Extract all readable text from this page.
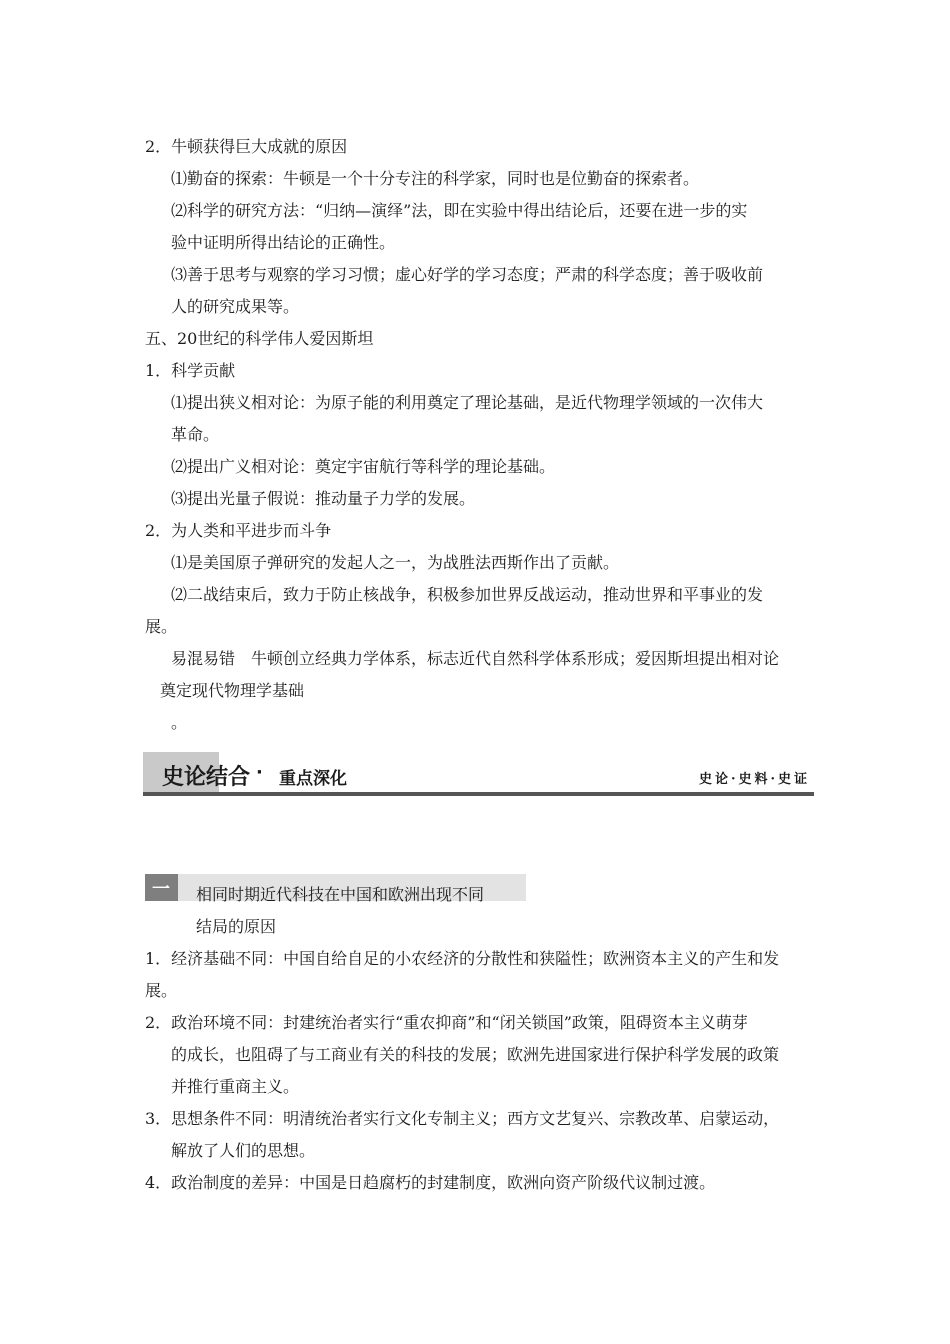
2．牛顿获得巨大成就的原因
⑴勤奋的探索：牛顿是一个十分专注的科学家，同时也是位勤奋的探索者。
⑵科学的研究方法：“归纳—演绎”法，即在实验中得出结论后，还要在进一步的实
验中证明所得出结论的正确性。
⑶善于思考与观察的学习习惯；虚心好学的学习态度；严肃的科学态度；善于吸收前
人的研究成果等。
五、20世纪的科学伟人爱因斯坦
1．科学贡献
⑴提出狭义相对论：为原子能的利用奠定了理论基础，是近代物理学领域的一次伟大
革命。
⑵提出广义相对论：奠定宇宙航行等科学的理论基础。
⑶提出光量子假说：推动量子力学的发展。
2．为人类和平进步而斗争
⑴是美国原子弹研究的发起人之一，为战胜法西斯作出了贡献。
⑵二战结束后，致力于防止核战争，积极参加世界反战运动，推动世界和平事业的发
展。
易混易错　牛顿创立经典力学体系，标志近代自然科学体系形成；爱因斯坦提出相对论
奠定现代物理学基础
。
史论结合 · 重点深化	史论·史料·史证
一 相同时期近代科技在中国和欧洲出现不同
结局的原因
1．经济基础不同：中国自给自足的小农经济的分散性和狭隘性；欧洲资本主义的产生和发
展。
2．政治环境不同：封建统治者实行“重农抑商”和“闭关锁国”政策，阻碍资本主义萌芽
的成长，也阻碍了与工商业有关的科技的发展；欧洲先进国家进行保护科学发展的政策
并推行重商主义。
3．思想条件不同：明清统治者实行文化专制主义；西方文艺复兴、宗教改革、启蒙运动，
解放了人们的思想。
4．政治制度的差异：中国是日趋腐朽的封建制度，欧洲向资产阶级代议制过渡。
